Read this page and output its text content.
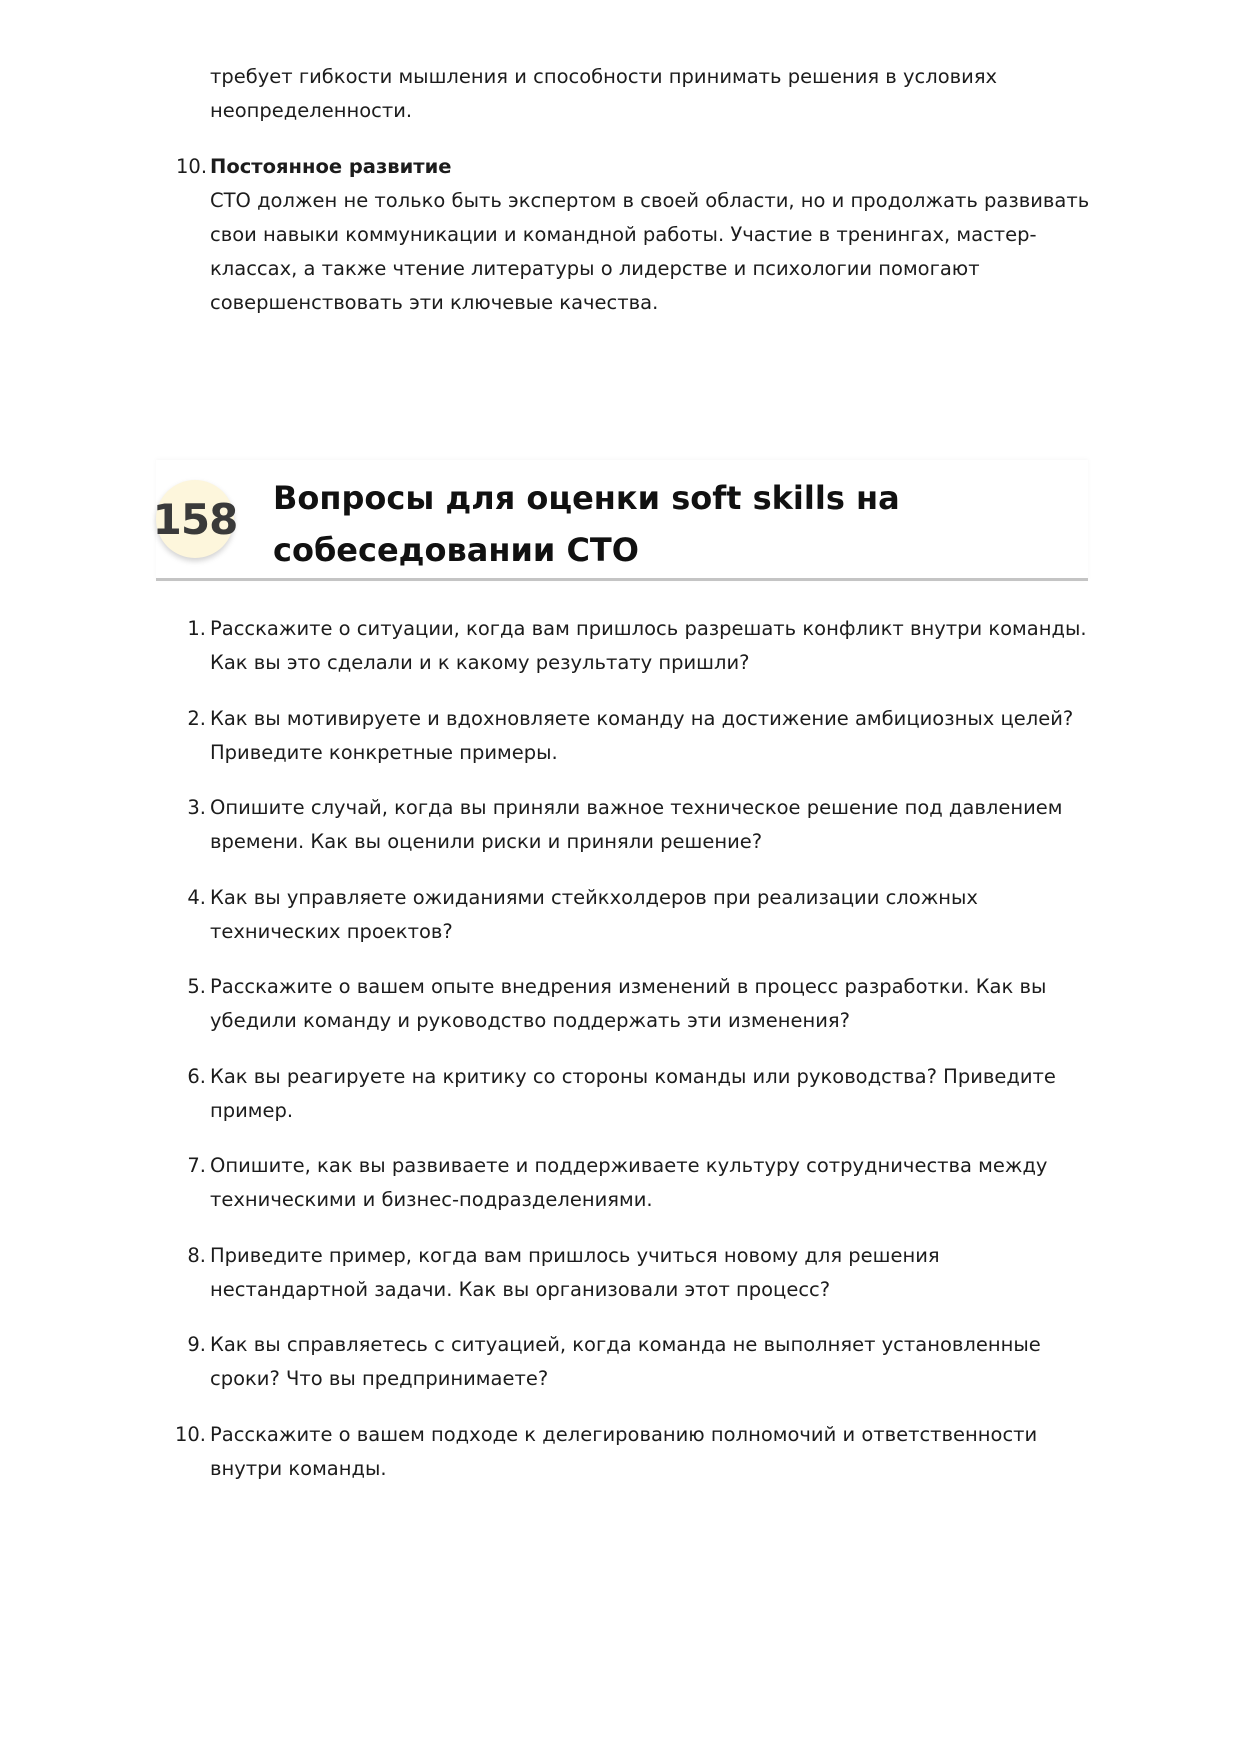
требует гибкости мышления и способности принимать решения в условиях неопределенности.
10. Постоянное развитие
СТО должен не только быть экспертом в своей области, но и продолжать развивать свои навыки коммуникации и командной работы. Участие в тренингах, мастер-классах, а также чтение литературы о лидерстве и психологии помогают совершенствовать эти ключевые качества.
158 Вопросы для оценки soft skills на собеседовании СТО
1. Расскажите о ситуации, когда вам пришлось разрешать конфликт внутри команды. Как вы это сделали и к какому результату пришли?
2. Как вы мотивируете и вдохновляете команду на достижение амбициозных целей? Приведите конкретные примеры.
3. Опишите случай, когда вы приняли важное техническое решение под давлением времени. Как вы оценили риски и приняли решение?
4. Как вы управляете ожиданиями стейкхолдеров при реализации сложных технических проектов?
5. Расскажите о вашем опыте внедрения изменений в процесс разработки. Как вы убедили команду и руководство поддержать эти изменения?
6. Как вы реагируете на критику со стороны команды или руководства? Приведите пример.
7. Опишите, как вы развиваете и поддерживаете культуру сотрудничества между техническими и бизнес-подразделениями.
8. Приведите пример, когда вам пришлось учиться новому для решения нестандартной задачи. Как вы организовали этот процесс?
9. Как вы справляетесь с ситуацией, когда команда не выполняет установленные сроки? Что вы предпринимаете?
10. Расскажите о вашем подходе к делегированию полномочий и ответственности внутри команды.
